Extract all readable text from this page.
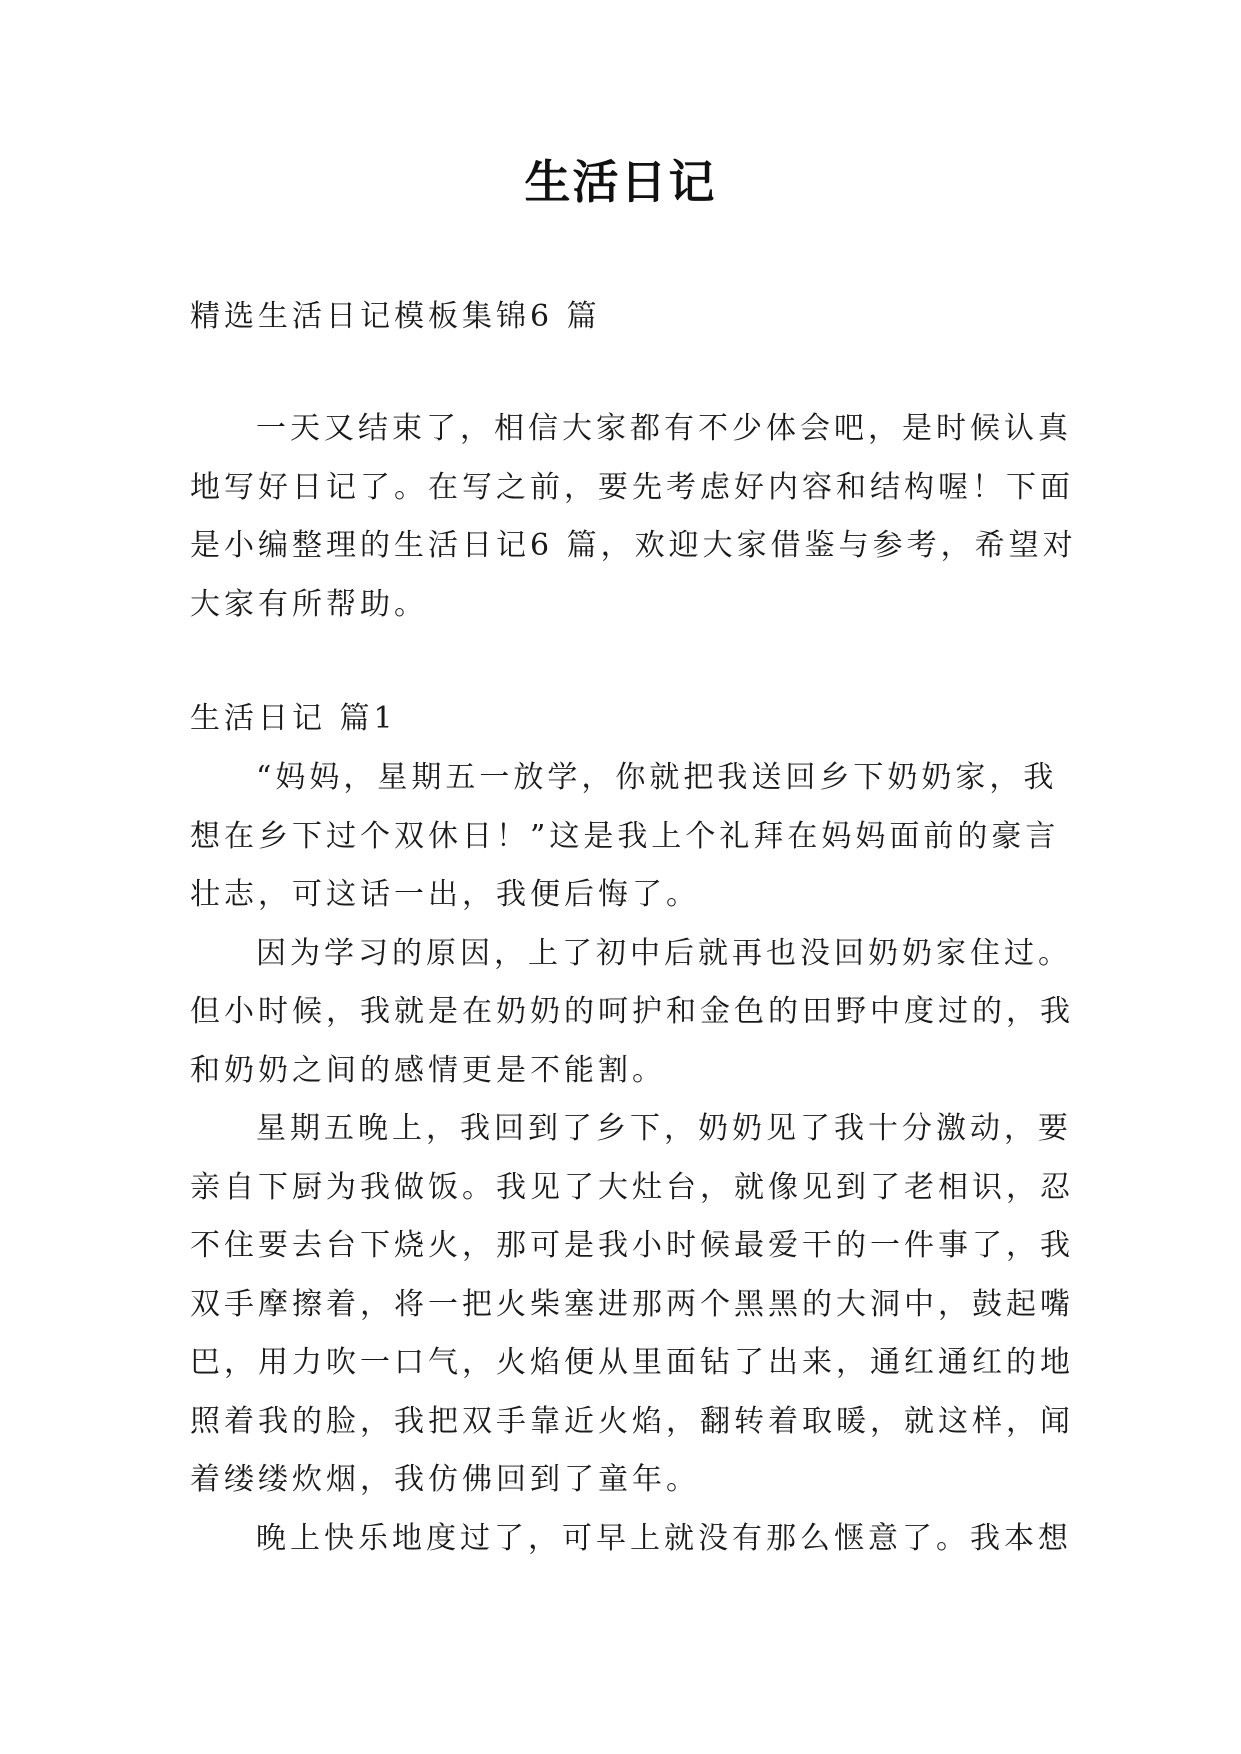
生活日记

精选生活日记模板集锦6 篇

一天又结束了，相信大家都有不少体会吧，是时候认真
地写好日记了。在写之前，要先考虑好内容和结构喔！下面
是小编整理的生活日记6 篇，欢迎大家借鉴与参考，希望对
大家有所帮助。

生活日记 篇1

“妈妈，星期五一放学，你就把我送回乡下奶奶家，我
想在乡下过个双休日！”这是我上个礼拜在妈妈面前的豪言
壮志，可这话一出，我便后悔了。
因为学习的原因，上了初中后就再也没回奶奶家住过。
但小时候，我就是在奶奶的呵护和金色的田野中度过的，我
和奶奶之间的感情更是不能割。
星期五晚上，我回到了乡下，奶奶见了我十分激动，要
亲自下厨为我做饭。我见了大灶台，就像见到了老相识，忍
不住要去台下烧火，那可是我小时候最爱干的一件事了，我
双手摩擦着，将一把火柴塞进那两个黑黑的大洞中，鼓起嘴
巴，用力吹一口气，火焰便从里面钻了出来，通红通红的地
照着我的脸，我把双手靠近火焰，翻转着取暖，就这样，闻
着缕缕炊烟，我仿佛回到了童年。
晚上快乐地度过了，可早上就没有那么惬意了。我本想
